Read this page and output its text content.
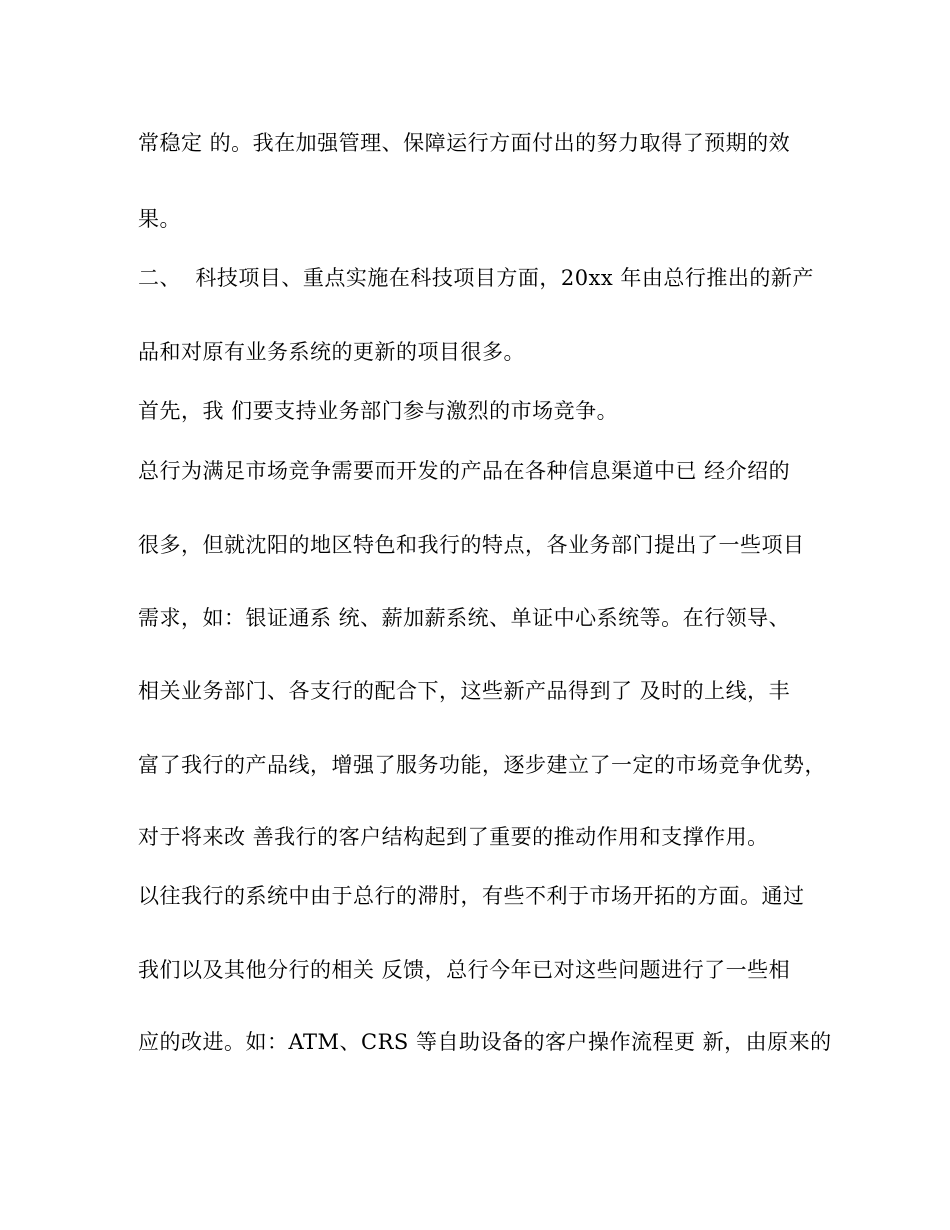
常稳定 的。我在加强管理、保障运行方面付出的努力取得了预期的效
果。
二、  科技项目、重点实施在科技项目方面，20xx 年由总行推出的新产
品和对原有业务系统的更新的项目很多。
首先，我 们要支持业务部门参与激烈的市场竞争。
总行为满足市场竞争需要而开发的产品在各种信息渠道中已 经介绍的
很多，但就沈阳的地区特色和我行的特点，各业务部门提出了一些项目
需求，如：银证通系 统、薪加薪系统、单证中心系统等。在行领导、
相关业务部门、各支行的配合下，这些新产品得到了 及时的上线，丰
富了我行的产品线，增强了服务功能，逐步建立了一定的市场竞争优势，
对于将来改 善我行的客户结构起到了重要的推动作用和支撑作用。
以往我行的系统中由于总行的滞肘，有些不利于市场开拓的方面。通过
我们以及其他分行的相关 反馈，总行今年已对这些问题进行了一些相
应的改进。如：ATM、CRS 等自助设备的客户操作流程更 新，由原来的
